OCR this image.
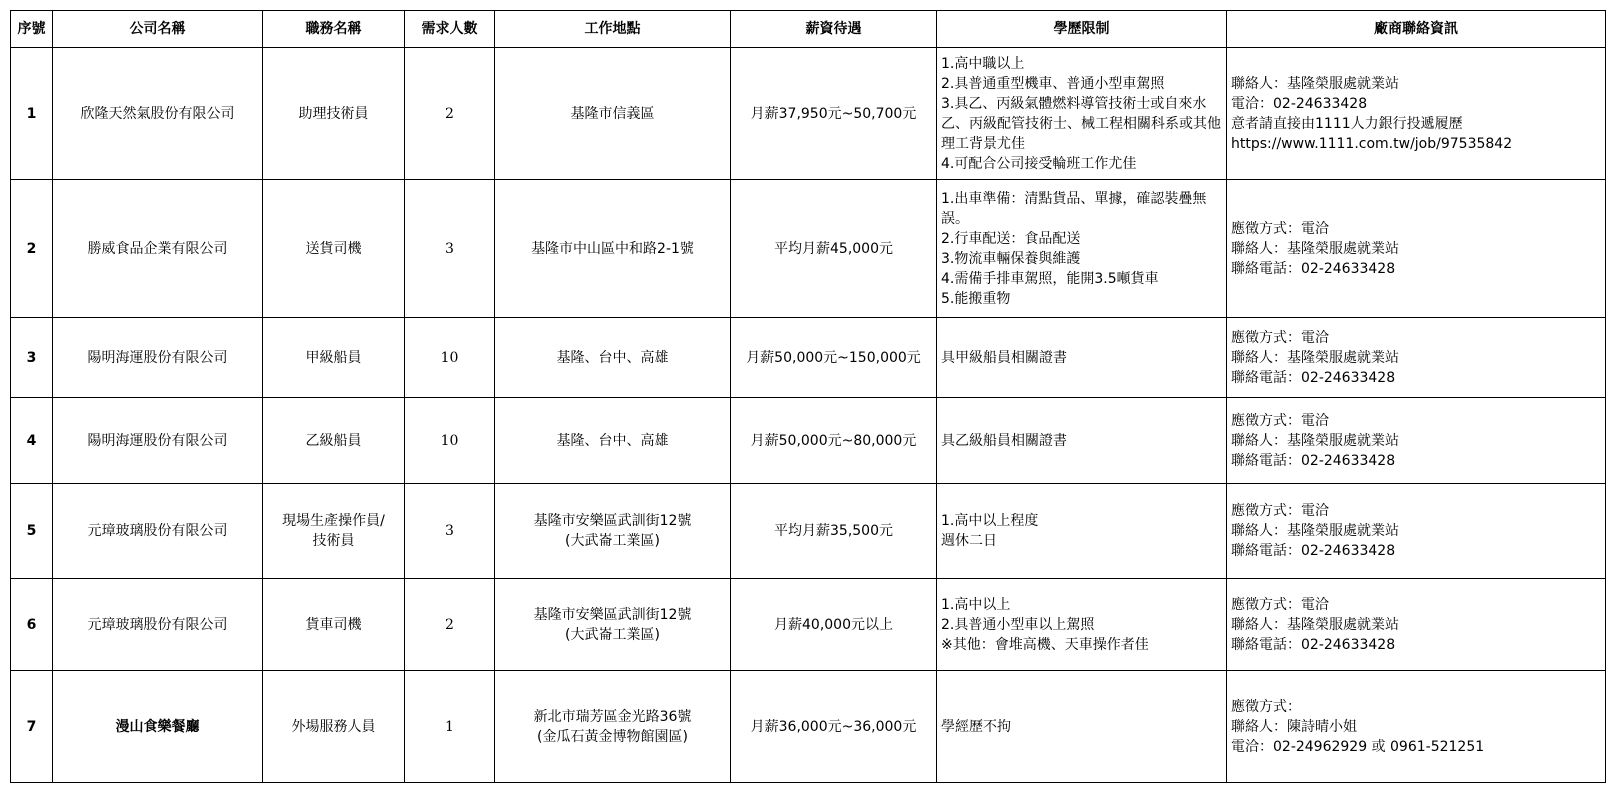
序號	公司名稱	職務名稱	需求人數	工作地點	薪資待遇	學歷限制	廠商聯絡資訊
1	欣隆天然氣股份有限公司	助理技術員	2	基隆市信義區	月薪37,950元~50,700元	1.高中職以上
2.具普通重型機車、普通小型車駕照
3.具乙、丙級氣體燃料導管技術士或自來水乙、丙級配管技術士、械工程相關科系或其他理工背景尤佳
4.可配合公司接受輪班工作尤佳	聯絡人：基隆榮服處就業站
電洽：02-24633428
意者請直接由1111人力銀行投遞履歷
https://www.1111.com.tw/job/97535842
2	勝威食品企業有限公司	送貨司機	3	基隆市中山區中和路2-1號	平均月薪45,000元	1.出車準備：清點貨品、單據，確認裝疊無誤。
2.行車配送：食品配送
3.物流車輛保養與維護
4.需備手排車駕照，能開3.5噸貨車
5.能搬重物	應徵方式：電洽
聯絡人：基隆榮服處就業站
聯絡電話：02-24633428
3	陽明海運股份有限公司	甲級船員	10	基隆、台中、高雄	月薪50,000元~150,000元	具甲級船員相關證書	應徵方式：電洽
聯絡人：基隆榮服處就業站
聯絡電話：02-24633428
4	陽明海運股份有限公司	乙級船員	10	基隆、台中、高雄	月薪50,000元~80,000元	具乙級船員相關證書	應徵方式：電洽
聯絡人：基隆榮服處就業站
聯絡電話：02-24633428
5	元璋玻璃股份有限公司	現場生產操作員/
技術員	3	基隆市安樂區武訓街12號
(大武崙工業區)	平均月薪35,500元	1.高中以上程度
週休二日	應徵方式：電洽
聯絡人：基隆榮服處就業站
聯絡電話：02-24633428
6	元璋玻璃股份有限公司	貨車司機	2	基隆市安樂區武訓街12號
(大武崙工業區)	月薪40,000元以上	1.高中以上
2.具普通小型車以上駕照
※其他：會堆高機、天車操作者佳	應徵方式：電洽
聯絡人：基隆榮服處就業站
聯絡電話：02-24633428
7	漫山食樂餐廳	外場服務人員	1	新北市瑞芳區金光路36號
(金瓜石黃金博物館園區)	月薪36,000元~36,000元	學經歷不拘	應徵方式：
聯絡人：陳詩晴小姐
電洽：02-24962929 或 0961-521251
